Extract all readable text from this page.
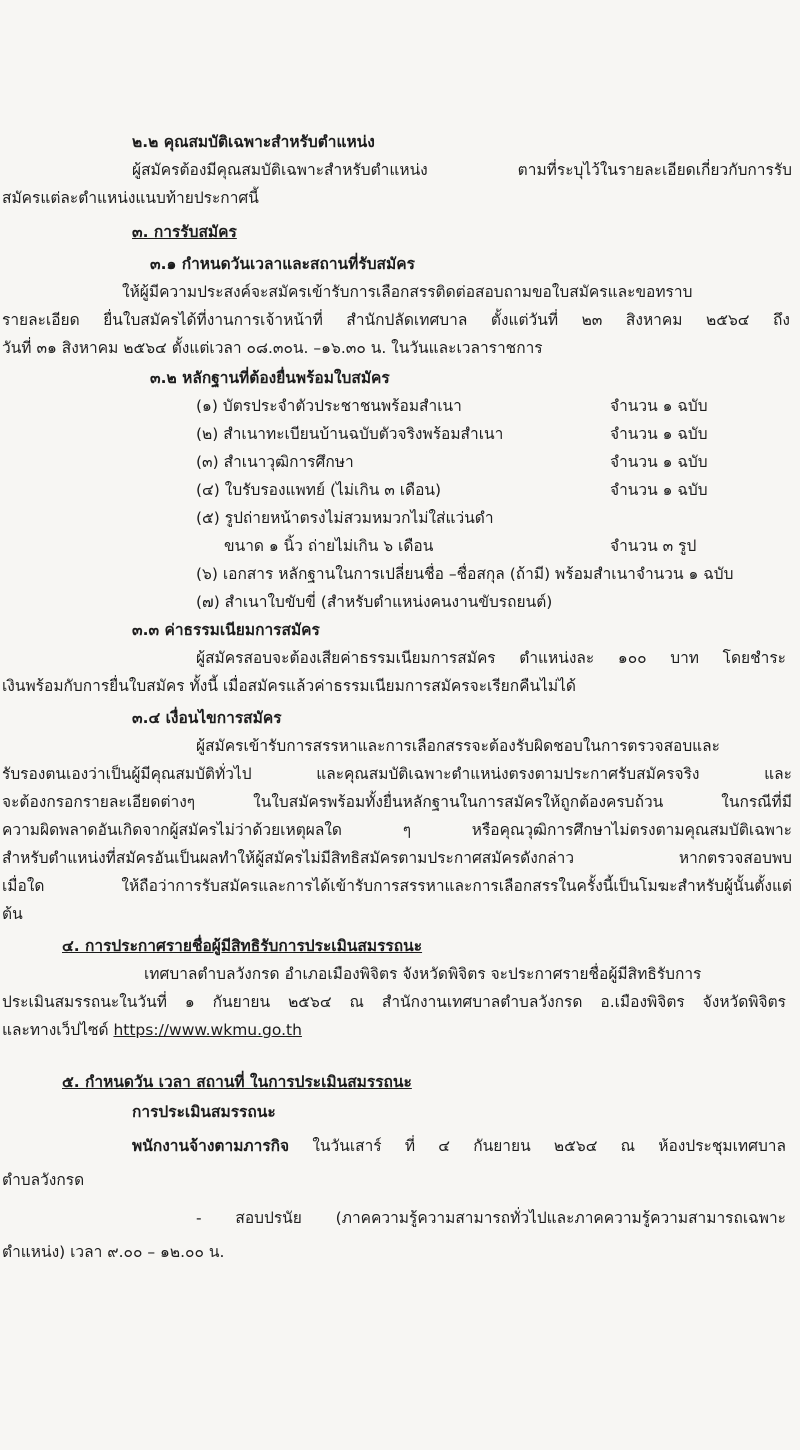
๒.๒ คุณสมบัติเฉพาะสำหรับตำแหน่ง

ผู้สมัครต้องมีคุณสมบัติเฉพาะสำหรับตำแหน่ง ตามที่ระบุไว้ในรายละเอียดเกี่ยวกับการรับ

สมัครแต่ละตำแหน่งแนบท้ายประกาศนี้

๓. การรับสมัคร

๓.๑ กำหนดวันเวลาและสถานที่รับสมัคร

ให้ผู้มีความประสงค์จะสมัครเข้ารับการเลือกสรรติดต่อสอบถามขอใบสมัครและขอทราบ

รายละเอียด ยื่นใบสมัครได้ที่งานการเจ้าหน้าที่ สำนักปลัดเทศบาล ตั้งแต่วันที่ ๒๓ สิงหาคม ๒๕๖๔ ถึง

วันที่ ๓๑ สิงหาคม ๒๕๖๔ ตั้งแต่เวลา ๐๘.๓๐น. –๑๖.๓๐ น. ในวันและเวลาราชการ

๓.๒ หลักฐานที่ต้องยื่นพร้อมใบสมัคร

(๑) บัตรประจำตัวประชาชนพร้อมสำเนา	จำนวน ๑ ฉบับ
(๒) สำเนาทะเบียนบ้านฉบับตัวจริงพร้อมสำเนา	จำนวน ๑ ฉบับ
(๓) สำเนาวุฒิการศึกษา	จำนวน ๑ ฉบับ
(๔) ใบรับรองแพทย์ (ไม่เกิน ๓ เดือน)	จำนวน ๑ ฉบับ

(๕) รูปถ่ายหน้าตรงไม่สวมหมวกไม่ใส่แว่นดำ

ขนาด ๑ นิ้ว ถ่ายไม่เกิน ๖ เดือน	จำนวน ๓ รูป

(๖) เอกสาร หลักฐานในการเปลี่ยนชื่อ –ชื่อสกุล (ถ้ามี) พร้อมสำเนาจำนวน ๑ ฉบับ

(๗) สำเนาใบขับขี่ (สำหรับตำแหน่งคนงานขับรถยนต์)

๓.๓ ค่าธรรมเนียมการสมัคร

ผู้สมัครสอบจะต้องเสียค่าธรรมเนียมการสมัคร ตำแหน่งละ ๑๐๐ บาท โดยชำระ

เงินพร้อมกับการยื่นใบสมัคร ทั้งนี้ เมื่อสมัครแล้วค่าธรรมเนียมการสมัครจะเรียกคืนไม่ได้

๓.๔ เงื่อนไขการสมัคร

ผู้สมัครเข้ารับการสรรหาและการเลือกสรรจะต้องรับผิดชอบในการตรวจสอบและ

รับรองตนเองว่าเป็นผู้มีคุณสมบัติทั่วไป และคุณสมบัติเฉพาะตำแหน่งตรงตามประกาศรับสมัครจริง และ

จะต้องกรอกรายละเอียดต่างๆ ในใบสมัครพร้อมทั้งยื่นหลักฐานในการสมัครให้ถูกต้องครบถ้วน ในกรณีที่มี

ความผิดพลาดอันเกิดจากผู้สมัครไม่ว่าด้วยเหตุผลใด ๆ หรือคุณวุฒิการศึกษาไม่ตรงตามคุณสมบัติเฉพาะ

สำหรับตำแหน่งที่สมัครอันเป็นผลทำให้ผู้สมัครไม่มีสิทธิสมัครตามประกาศสมัครดังกล่าว หากตรวจสอบพบ

เมื่อใด ให้ถือว่าการรับสมัครและการได้เข้ารับการสรรหาและการเลือกสรรในครั้งนี้เป็นโมฆะสำหรับผู้นั้นตั้งแต่

ต้น

๔. การประกาศรายชื่อผู้มีสิทธิรับการประเมินสมรรถนะ

เทศบาลตำบลวังกรด อำเภอเมืองพิจิตร จังหวัดพิจิตร จะประกาศรายชื่อผู้มีสิทธิรับการ

ประเมินสมรรถนะในวันที่ ๑ กันยายน ๒๕๖๔ ณ สำนักงานเทศบาลตำบลวังกรด อ.เมืองพิจิตร จังหวัดพิจิตร

และทางเว็ปไซด์ https://www.wkmu.go.th

๕. กำหนดวัน เวลา สถานที่ ในการประเมินสมรรถนะ

การประเมินสมรรถนะ

พนักงานจ้างตามภารกิจ ในวันเสาร์ ที่ ๔ กันยายน ๒๕๖๔ ณ ห้องประชุมเทศบาล

ตำบลวังกรด

- สอบปรนัย (ภาคความรู้ความสามารถทั่วไปและภาคความรู้ความสามารถเฉพาะ

ตำแหน่ง) เวลา ๙.๐๐ – ๑๒.๐๐ น.
